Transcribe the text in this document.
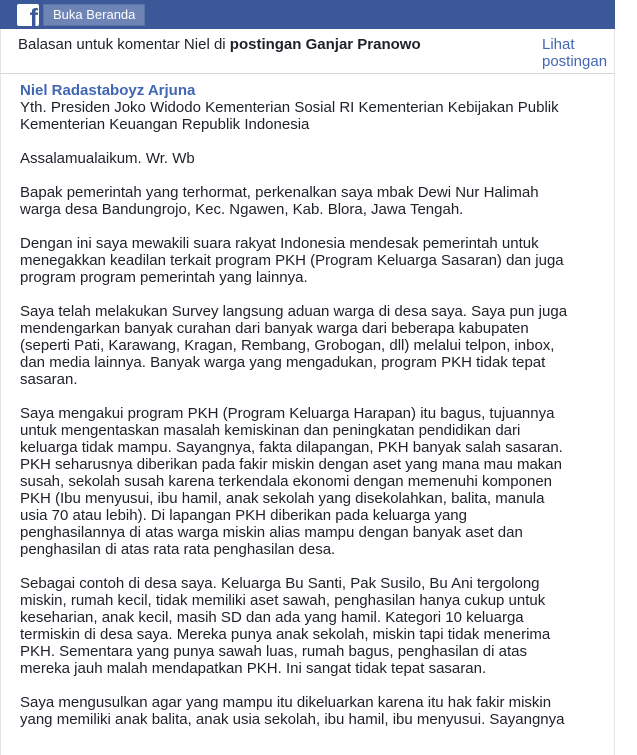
f	Buka Beranda
Balasan untuk komentar Niel di postingan Ganjar Pranowo	Lihat
postingan
Niel Radastaboyz Arjuna

Yth. Presiden Joko Widodo Kementerian Sosial RI Kementerian Kebijakan Publik
Kementerian Keuangan Republik Indonesia

Assalamualaikum. Wr. Wb

Bapak pemerintah yang terhormat, perkenalkan saya mbak Dewi Nur Halimah
warga desa Bandungrojo, Kec. Ngawen, Kab. Blora, Jawa Tengah.

Dengan ini saya mewakili suara rakyat Indonesia mendesak pemerintah untuk
menegakkan keadilan terkait program PKH (Program Keluarga Sasaran) dan juga
program program pemerintah yang lainnya.

Saya telah melakukan Survey langsung aduan warga di desa saya. Saya pun juga
mendengarkan banyak curahan dari banyak warga dari beberapa kabupaten
(seperti Pati, Karawang, Kragan, Rembang, Grobogan, dll) melalui telpon, inbox,
dan media lainnya. Banyak warga yang mengadukan, program PKH tidak tepat
sasaran.

Saya mengakui program PKH (Program Keluarga Harapan) itu bagus, tujuannya
untuk mengentaskan masalah kemiskinan dan peningkatan pendidikan dari
keluarga tidak mampu. Sayangnya, fakta dilapangan, PKH banyak salah sasaran.
PKH seharusnya diberikan pada fakir miskin dengan aset yang mana mau makan
susah, sekolah susah karena terkendala ekonomi dengan memenuhi komponen
PKH (Ibu menyusui, ibu hamil, anak sekolah yang disekolahkan, balita, manula
usia 70 atau lebih). Di lapangan PKH diberikan pada keluarga yang
penghasilannya di atas warga miskin alias mampu dengan banyak aset dan
penghasilan di atas rata rata penghasilan desa.

Sebagai contoh di desa saya. Keluarga Bu Santi, Pak Susilo, Bu Ani tergolong
miskin, rumah kecil, tidak memiliki aset sawah, penghasilan hanya cukup untuk
keseharian, anak kecil, masih SD dan ada yang hamil. Kategori 10 keluarga
termiskin di desa saya. Mereka punya anak sekolah, miskin tapi tidak menerima
PKH. Sementara yang punya sawah luas, rumah bagus, penghasilan di atas
mereka jauh malah mendapatkan PKH. Ini sangat tidak tepat sasaran.

Saya mengusulkan agar yang mampu itu dikeluarkan karena itu hak fakir miskin
yang memiliki anak balita, anak usia sekolah, ibu hamil, ibu menyusui. Sayangnya
